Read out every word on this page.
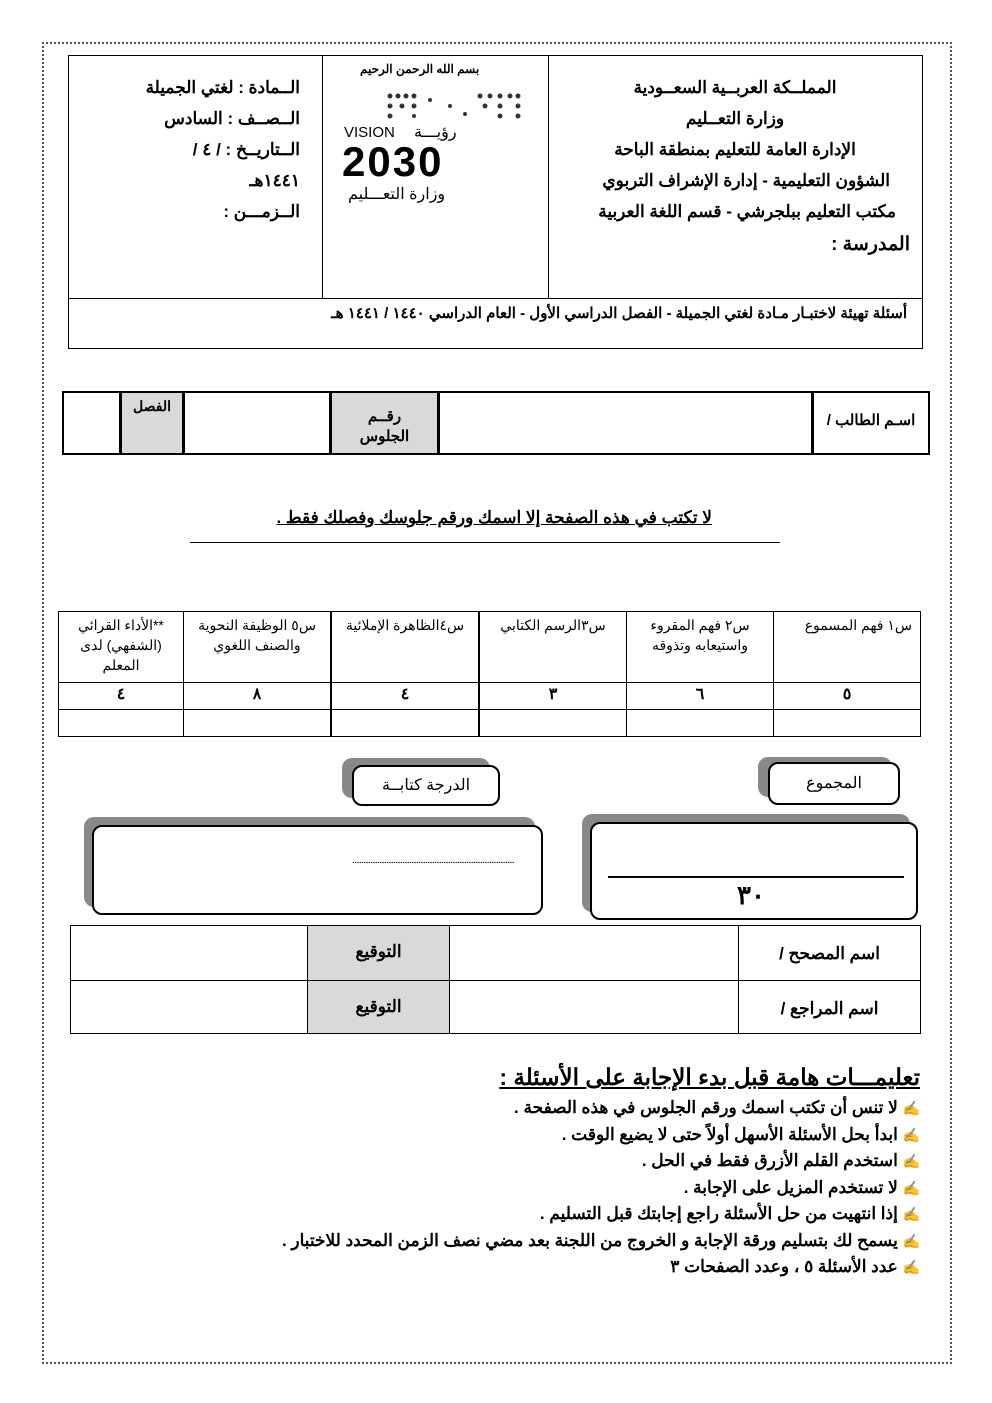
المملــكة العربــية السعــودية
وزارة التعــليم
الإدارة العامة للتعليم بمنطقة الباحة
الشؤون التعليمية - إدارة الإشراف التربوي
مكتب التعليم ببلجرشي - قسم اللغة العربية
المدرسة :
بسم الله الرحمن الرحيم
VISION رؤيـــة
2030
وزارة التعـــليم
الــمادة : لغتي الجميلة
الــصــف : السادس
الــتاريــخ : / ٤ /
١٤٤١هـ
الــزمـــن :
أسئلة تهيئة لاختبـار مـادة لغتي الجميلة - الفصل الدراسي الأول - العام الدراسي ١٤٤٠ / ١٤٤١ هـ
اسـم الطالب /
رقــم الجلوس
الفصل
لا تكتب في هذه الصفحة إلا اسمك ورقم جلوسك وفصلك فقط .
س١ فهم المسموع
٥
س٢ فهم المقروء واستيعابه وتذوقه
٦
س٣الرسم الكتابي
٣
س٤الظاهرة الإملائية
٤
س٥ الوظيفة النحوية والصنف اللغوي
٨
**الأداء القرائي (الشفهي) لدى المعلم
٤
الدرجة كتابــة	المجموع
...........................................................................................
٣٠
اسم المصحح /
التوقيع
اسم المراجع /
التوقيع
تعليمـــات هامة قبل بدء الإجابة على الأسئلة :
✍ لا تنس أن تكتب اسمك ورقم الجلوس في هذه الصفحة .
✍ ابدأ بحل الأسئلة الأسهل أولاً حتى لا يضيع الوقت .
✍ استخدم القلم الأزرق فقط في الحل .
✍ لا تستخدم المزيل على الإجابة .
✍ إذا انتهيت من حل الأسئلة راجع إجابتك قبل التسليم .
✍ يسمح لك بتسليم ورقة الإجابة و الخروج من اللجنة بعد مضي نصف الزمن المحدد للاختبار .
✍ عدد الأسئلة ٥ ، وعدد الصفحات ٣
